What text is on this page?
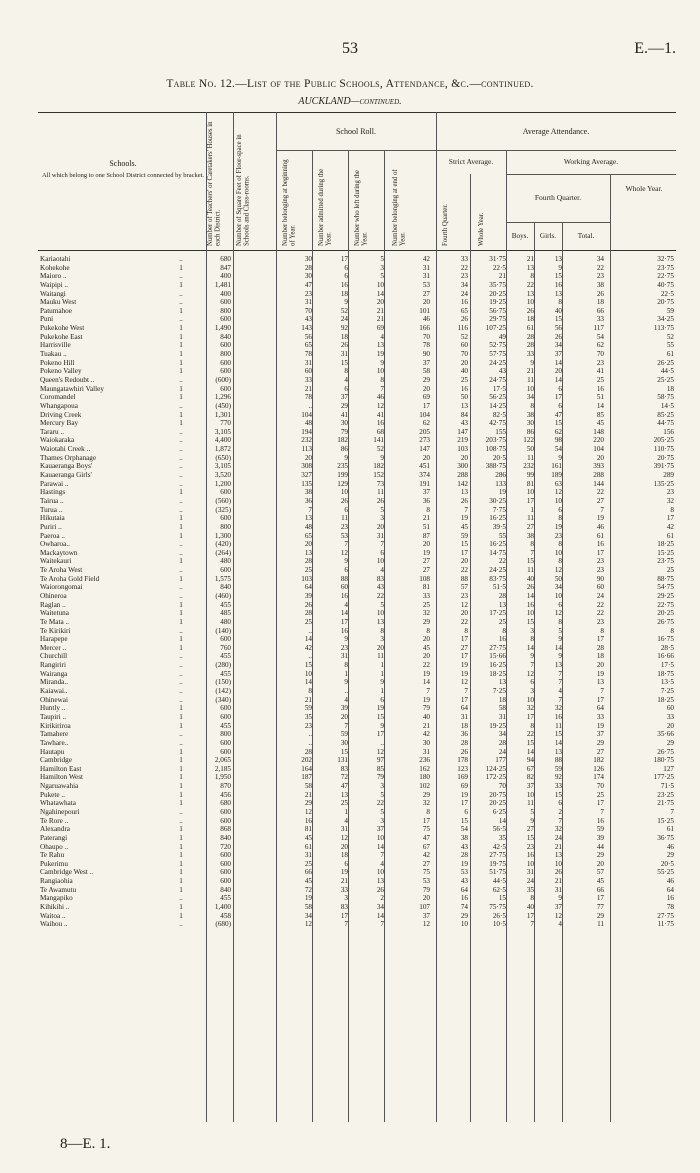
53	E.—1.
Table No. 12.—List of the Public Schools, Attendance, &c.—continued.
AUCKLAND—continued.
Schools.
All which belong to one School District connected by bracket. Number of Teachers' or Caretakers' Houses in each District.	Number of Square Feet of Floor-space in Schools and Class-rooms.
School Roll.
Number belonging at beginning of Year.	Number admitted during the Year.	Number who left during the Year.	Number belonging at end of Year.
Average Attendance.
Strict Average.	Working Average.
Fourth Quarter.	Whole Year.
Fourth Quarter.
Whole Year.
Boys.	Girls.	Total.
Kariaotahi	..	680	30	17	5	42	33	31·75	21	13	34	32·75
Kohekohe	1	847	28	6	3	31	22	22·5	13	9	22	23·75
Maioro ..	..	400	30	6	5	31	23	21	8	15	23	22·75
Waipipi ..	1	1,481	47	16	10	53	34	35·75	22	16	38	40·75
Waitangi	..	400	23	18	14	27	24	20·25	13	13	26	22·5
Mauku West	..	600	31	9	20	20	16	19·25	10	8	18	20·75
Patumahoe	1	800	70	52	21	101	65	56·75	26	40	66	59
Puni	..	600	43	24	21	46	26	29·75	18	15	33	34·25
Pukekohe West	1	1,490	143	92	69	166	116	107·25	61	56	117	113·75
Pukekohe East	1	840	56	18	4	70	52	49	28	26	54	52
Harrisville	1	600	65	26	13	78	60	52·75	28	34	62	55
Tuakau ..	1	800	78	31	19	90	70	57·75	33	37	70	61
Pokeno Hill	1	600	31	15	9	37	20	24·25	9	14	23	26·25
Pokeno Valley	1	600	60	8	10	58	40	43	21	20	41	44·5
Queen's Redoubt ..	..	(600)	33	4	8	29	25	24·75	11	14	25	25·25
Maungatawhiri Valley	1	600	21	6	7	20	16	17·5	10	6	16	18
Coromandel	1	1,296	78	37	46	69	50	56·25	34	17	51	58·75
Whangapoua	..	(450)	..	29	12	17	13	14·25	8	6	14	14·5
Driving Creek	1	1,301	104	41	41	104	84	82·5	38	47	85	85·25
Mercury Bay	1	770	48	30	16	62	43	42·75	30	15	45	44·75
Tararu ..	..	3,105	194	79	68	205	147	155	86	62	148	156
Waiokaraka	..	4,400	232	182	141	273	219	203·75	122	98	220	205·25
Waiotahi Creek ..	..	1,872	113	86	52	147	103	108·75	50	54	104	110·75
Thames Orphanage	..	(650)	20	9	9	20	20	20·5	11	9	20	20·75
Kauaeranga Boys'	..	3,105	308	235	182	451	300	388·75	232	161	393	391·75
Kauaeranga Girls'	..	3,520	327	199	152	374	288	286	99	189	288	289
Parawai ..	..	1,200	135	129	73	191	142	133	81	63	144	135·25
Hastings	1	600	38	10	11	37	13	19	10	12	22	23
Tairua ..	..	(560)	36	26	26	36	26	30·25	17	10	27	32
Turua ..	..	(325)	7	6	5	8	7	7·75	1	6	7	8
Hikutaia	1	600	13	11	3	21	19	16·25	11	8	19	17
Puriri ..	1	800	48	23	20	51	45	39·5	27	19	46	42
Paeroa ..	1	1,300	65	53	31	87	59	55	38	23	61	61
Owharoa..	..	(420)	20	7	7	20	15	16·25	8	8	16	18·25
Mackaytown	..	(264)	13	12	6	19	17	14·75	7	10	17	15·25
Waitekauri	1	480	28	9	10	27	20	22	15	8	23	23·75
Te Aroha West	..	600	25	6	4	27	22	24·25	11	12	23	25
Te Aroha Gold Field	1	1,575	103	88	83	108	88	83·75	40	50	90	88·75
Waiorongomai	..	840	64	60	43	81	57	51·5	26	34	60	54·75
Ohineroa	..	(460)	39	16	22	33	23	28	14	10	24	29·25
Raglan ..	1	455	26	4	5	25	12	13	16	6	22	22·75
Waitetuna	1	485	28	14	10	32	20	17·25	10	12	22	20·25
Te Mata ..	1	480	25	17	13	29	22	25	15	8	23	26·75
Te Kirikiri	..	(140)	..	16	8	8	8	8	3	5	8	8
Harapepe	1	600	14	9	3	20	17	16	8	9	17	16·75
Mercer ..	1	760	42	23	20	45	27	27·75	14	14	28	28·5
Churchill	..	455	..	31	11	20	17	15·66	9	9	18	16·66
Rangiriri	..	(280)	15	8	1	22	19	16·25	7	13	20	17·5
Wairanga	..	455	10	1	1	19	19	18·25	12	7	19	18·75
Miranda..	..	(150)	14	9	9	14	12	13	6	7	13	13·5
Kaiawai..	..	(142)	8	..	1	7	7	7·25	3	4	7	7·25
Ohinewai	..	(340)	21	4	6	19	17	18	10	7	17	18·25
Huntly ..	1	600	59	39	19	79	64	58	32	32	64	60
Taupiri ..	1	600	35	20	15	40	31	31	17	16	33	33
Kirikiriroa	1	455	23	7	9	21	18	19·25	8	11	19	20
Tamahere	..	800	..	59	17	42	36	34	22	15	37	35·66
Tawhare..	..	600	..	30	..	30	28	28	15	14	29	29
Hautapu	1	600	28	15	12	31	26	24	14	13	27	26·75
Cambridge	1	2,065	202	131	97	236	178	177	94	88	182	180·75
Hamilton East	1	2,185	164	83	85	162	123	124·25	67	59	126	127
Hamilton West	1	1,950	187	72	79	180	169	172·25	82	92	174	177·25
Ngaruawahia	1	870	58	47	3	102	69	70	37	33	70	71·5
Pukete ..	1	456	21	13	5	29	19	20·75	10	15	25	23·25
Whatawhata	1	680	29	25	22	32	17	20·25	11	6	17	21·75
Ngahinepouri	..	600	12	1	5	8	6	6·25	5	2	7	7
Te Rore ..	..	600	16	4	3	17	15	14	9	7	16	15·25
Alexandra	1	868	81	31	37	75	54	56·5	27	32	59	61
Paterangi	1	840	45	12	10	47	38	35	15	24	39	36·75
Ohaupo ..	1	720	61	20	14	67	43	42·5	23	21	44	46
Te Rahu	1	600	31	18	7	42	28	27·75	16	13	29	29
Pukerimu	1	600	25	6	4	27	19	19·75	10	10	20	20·5
Cambridge West ..	1	600	66	19	10	75	53	51·75	31	26	57	55·25
Rangiaohia	1	600	45	21	13	53	43	44·5	24	21	45	46
Te Awamutu	1	840	72	33	26	79	64	62·5	35	31	66	64
Mangapiko	..	455	19	3	2	20	16	15	8	9	17	16
Kihikihi ..	1	1,400	58	83	34	107	74	75·75	40	37	77	78
Waitoa ..	1	458	34	17	14	37	29	26·5	17	12	29	27·75
Waihou ..	..	(680)	12	7	7	12	10	10·5	7	4	11	11·75
8—E. 1.
